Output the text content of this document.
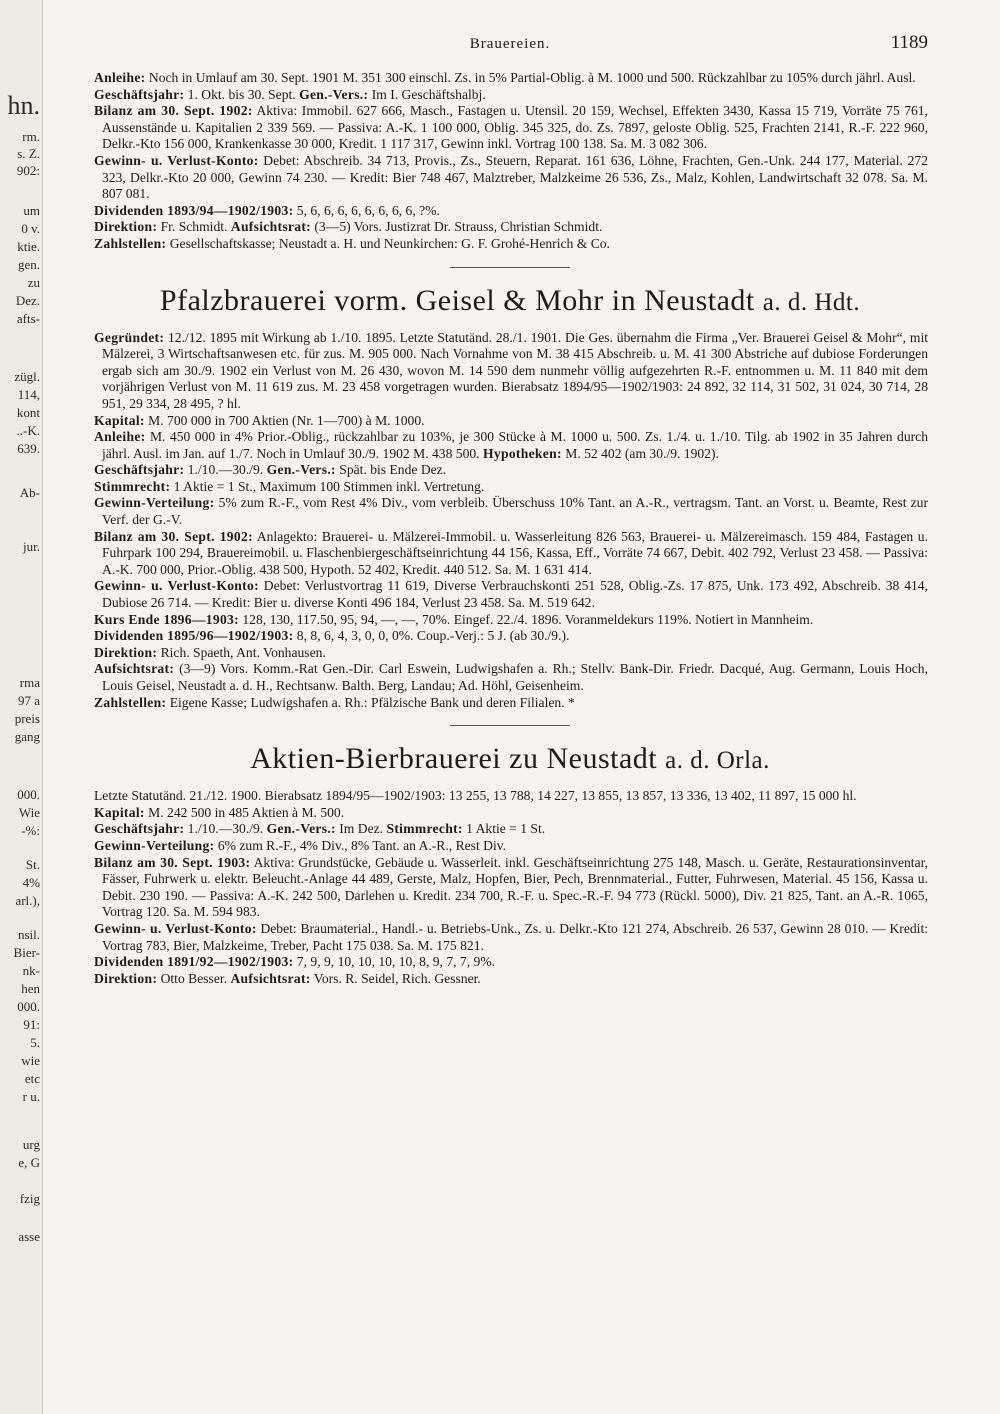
hn.
rm.
s. Z.
902:
um
0 v.
ktie.
gen.
zu
Dez.
afts-
zügl.
114,
kont
..-K.
639.
Ab-
jur.
rma
97 a
preis
gang
000.
Wie
-%:
St.
4%
arl.),
nsil.
Bier-
nk-
hen
000.
91:
5.
wie
etc
r u.
urg
e, G
fzig
asse
Brauereien.	1189

Anleihe: Noch in Umlauf am 30. Sept. 1901 M. 351 300 einschl. Zs. in 5% Partial-Oblig. à M. 1000 und 500. Rückzahlbar zu 105% durch jährl. Ausl.

Geschäftsjahr: 1. Okt. bis 30. Sept. Gen.-Vers.: Im I. Geschäftshalbj.

Bilanz am 30. Sept. 1902: Aktiva: Immobil. 627 666, Masch., Fastagen u. Utensil. 20 159, Wechsel, Effekten 3430, Kassa 15 719, Vorräte 75 761, Aussenstände u. Kapitalien 2 339 569. — Passiva: A.-K. 1 100 000, Oblig. 345 325, do. Zs. 7897, geloste Oblig. 525, Frachten 2141, R.-F. 222 960, Delkr.-Kto 156 000, Krankenkasse 30 000, Kredit. 1 117 317, Gewinn inkl. Vortrag 100 138. Sa. M. 3 082 306.

Gewinn- u. Verlust-Konto: Debet: Abschreib. 34 713, Provis., Zs., Steuern, Reparat. 161 636, Löhne, Frachten, Gen.-Unk. 244 177, Material. 272 323, Delkr.-Kto 20 000, Gewinn 74 230. — Kredit: Bier 748 467, Malztreber, Malzkeime 26 536, Zs., Malz, Kohlen, Landwirtschaft 32 078. Sa. M. 807 081.

Dividenden 1893/94—1902/1903: 5, 6, 6, 6, 6, 6, 6, 6, 6, ?%.

Direktion: Fr. Schmidt. Aufsichtsrat: (3—5) Vors. Justizrat Dr. Strauss, Christian Schmidt.

Zahlstellen: Gesellschaftskasse; Neustadt a. H. und Neunkirchen: G. F. Grohé-Henrich & Co.

Pfalzbrauerei vorm. Geisel & Mohr in Neustadt a. d. Hdt.

Gegründet: 12./12. 1895 mit Wirkung ab 1./10. 1895. Letzte Statutänd. 28./1. 1901. Die Ges. übernahm die Firma „Ver. Brauerei Geisel & Mohr“, mit Mälzerei, 3 Wirtschaftsanwesen etc. für zus. M. 905 000. Nach Vornahme von M. 38 415 Abschreib. u. M. 41 300 Abstriche auf dubiose Forderungen ergab sich am 30./9. 1902 ein Verlust von M. 26 430, wovon M. 14 590 dem nunmehr völlig aufgezehrten R.-F. entnommen u. M. 11 840 mit dem vorjährigen Verlust von M. 11 619 zus. M. 23 458 vorgetragen wurden. Bierabsatz 1894/95—1902/1903: 24 892, 32 114, 31 502, 31 024, 30 714, 28 951, 29 334, 28 495, ? hl.

Kapital: M. 700 000 in 700 Aktien (Nr. 1—700) à M. 1000.

Anleihe: M. 450 000 in 4% Prior.-Oblig., rückzahlbar zu 103%, je 300 Stücke à M. 1000 u. 500. Zs. 1./4. u. 1./10. Tilg. ab 1902 in 35 Jahren durch jährl. Ausl. im Jan. auf 1./7. Noch in Umlauf 30./9. 1902 M. 438 500. Hypotheken: M. 52 402 (am 30./9. 1902).

Geschäftsjahr: 1./10.—30./9. Gen.-Vers.: Spät. bis Ende Dez.

Stimmrecht: 1 Aktie = 1 St., Maximum 100 Stimmen inkl. Vertretung.

Gewinn-Verteilung: 5% zum R.-F., vom Rest 4% Div., vom verbleib. Überschuss 10% Tant. an A.-R., vertragsm. Tant. an Vorst. u. Beamte, Rest zur Verf. der G.-V.

Bilanz am 30. Sept. 1902: Anlagekto: Brauerei- u. Mälzerei-Immobil. u. Wasserleitung 826 563, Brauerei- u. Mälzereimasch. 159 484, Fastagen u. Fuhrpark 100 294, Brauereimobil. u. Flaschenbiergeschäftseinrichtung 44 156, Kassa, Eff., Vorräte 74 667, Debit. 402 792, Verlust 23 458. — Passiva: A.-K. 700 000, Prior.-Oblig. 438 500, Hypoth. 52 402, Kredit. 440 512. Sa. M. 1 631 414.

Gewinn- u. Verlust-Konto: Debet: Verlustvortrag 11 619, Diverse Verbrauchskonti 251 528, Oblig.-Zs. 17 875, Unk. 173 492, Abschreib. 38 414, Dubiose 26 714. — Kredit: Bier u. diverse Konti 496 184, Verlust 23 458. Sa. M. 519 642.

Kurs Ende 1896—1903: 128, 130, 117.50, 95, 94, —, —, 70%. Eingef. 22./4. 1896. Voranmeldekurs 119%. Notiert in Mannheim.

Dividenden 1895/96—1902/1903: 8, 8, 6, 4, 3, 0, 0, 0%. Coup.-Verj.: 5 J. (ab 30./9.).

Direktion: Rich. Spaeth, Ant. Vonhausen.

Aufsichtsrat: (3—9) Vors. Komm.-Rat Gen.-Dir. Carl Eswein, Ludwigshafen a. Rh.; Stellv. Bank-Dir. Friedr. Dacqué, Aug. Germann, Louis Hoch, Louis Geisel, Neustadt a. d. H., Rechtsanw. Balth. Berg, Landau; Ad. Höhl, Geisenheim.

Zahlstellen: Eigene Kasse; Ludwigshafen a. Rh.: Pfälzische Bank und deren Filialen. *

Aktien-Bierbrauerei zu Neustadt a. d. Orla.

Letzte Statutänd. 21./12. 1900. Bierabsatz 1894/95—1902/1903: 13 255, 13 788, 14 227, 13 855, 13 857, 13 336, 13 402, 11 897, 15 000 hl.

Kapital: M. 242 500 in 485 Aktien à M. 500.

Geschäftsjahr: 1./10.—30./9. Gen.-Vers.: Im Dez. Stimmrecht: 1 Aktie = 1 St.

Gewinn-Verteilung: 6% zum R.-F., 4% Div., 8% Tant. an A.-R., Rest Div.

Bilanz am 30. Sept. 1903: Aktiva: Grundstücke, Gebäude u. Wasserleit. inkl. Geschäftseinrichtung 275 148, Masch. u. Geräte, Restaurationsinventar, Fässer, Fuhrwerk u. elektr. Beleucht.-Anlage 44 489, Gerste, Malz, Hopfen, Bier, Pech, Brennmaterial., Futter, Fuhrwesen, Material. 45 156, Kassa u. Debit. 230 190. — Passiva: A.-K. 242 500, Darlehen u. Kredit. 234 700, R.-F. u. Spec.-R.-F. 94 773 (Rückl. 5000), Div. 21 825, Tant. an A.-R. 1065, Vortrag 120. Sa. M. 594 983.

Gewinn- u. Verlust-Konto: Debet: Braumaterial., Handl.- u. Betriebs-Unk., Zs. u. Delkr.-Kto 121 274, Abschreib. 26 537, Gewinn 28 010. — Kredit: Vortrag 783, Bier, Malzkeime, Treber, Pacht 175 038. Sa. M. 175 821.

Dividenden 1891/92—1902/1903: 7, 9, 9, 10, 10, 10, 10, 8, 9, 7, 7, 9%.

Direktion: Otto Besser. Aufsichtsrat: Vors. R. Seidel, Rich. Gessner.
